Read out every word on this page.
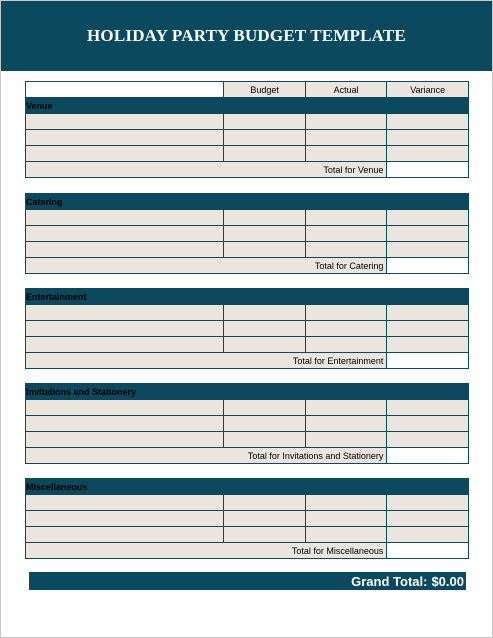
HOLIDAY PARTY BUDGET TEMPLATE
	Budget	Actual	Variance
Venue			

Total for Venue			
Catering			

Total for Catering			
Entertainment			

Total for Entertainment			
Invitations and Stationery			

Total for Invitations and Stationery			
Miscellaneous			

Total for Miscellaneous			
Grand Total: $0.00
